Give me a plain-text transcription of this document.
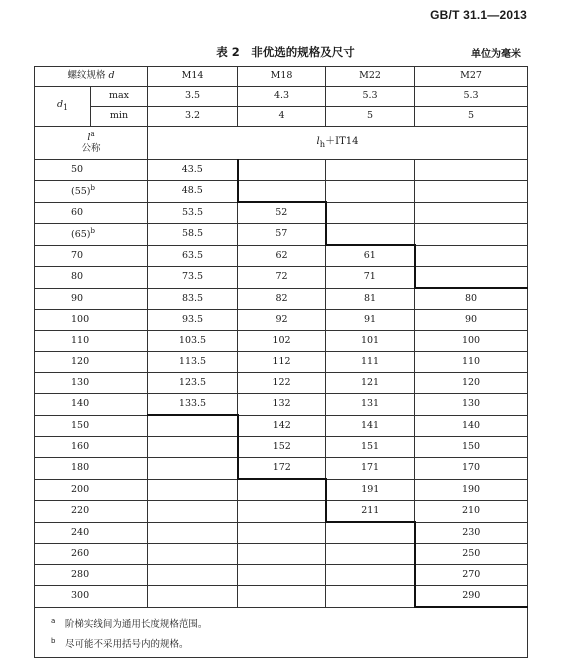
GB/T 31.1—2013
表 2　非优选的规格及尺寸	单位为毫米
螺纹规格 d		M14	M18	M22	M27
$d_1$	max	3.5	4.3	5.3	5.3
	min	3.2	4	5	5

$l^a$
公称		$l_h+IT14$			
50		43.5			
$(55)^b$		48.5			
60		53.5	52		
$(65)^b$		58.5	57		
70		63.5	62	61	
80		73.5	72	71	
90		83.5	82	81	80
100		93.5	92	91	90
110		103.5	102	101	100
120		113.5	112	111	110
130		123.5	122	121	120
140		133.5	132	131	130
150			142	141	140
160			152	151	150
180			172	171	170
200				191	190
220				211	210
240					230
260					250
280					270
300					290

$^a$　 阶梯实线间为通用长度规格范围。
$^b$　 尽可能不采用括号内的规格。					
